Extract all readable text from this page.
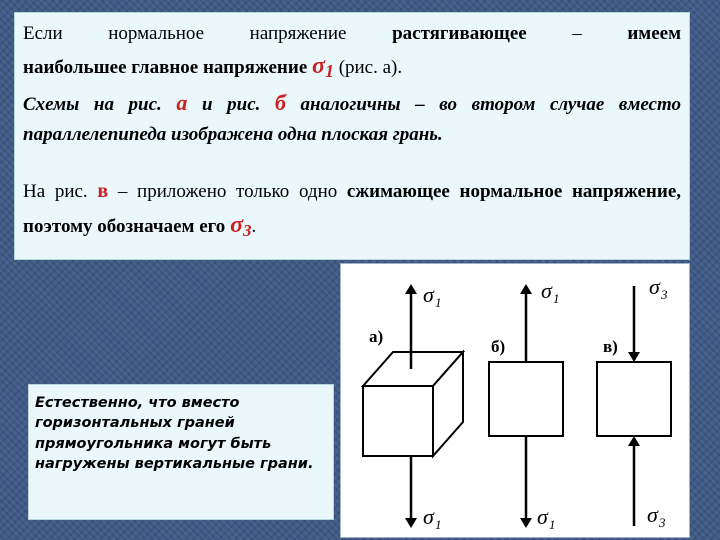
Если нормальное напряжение растягивающее – имеем

наибольшее главное напряжение σ1 (рис. а).

Схемы на рис. а и рис. б аналогичны – во втором случае вместо параллелепипеда изображена одна плоская грань.

На рис. в – приложено только одно сжимающее нормальное напряжение, поэтому обозначаем его σ3.

σ 1
σ 1
а)
σ 1
σ 1
б)
σ 3
σ 3
в)
Естественно, что вместо горизонтальных граней прямоугольника могут быть нагружены вертикальные грани.
